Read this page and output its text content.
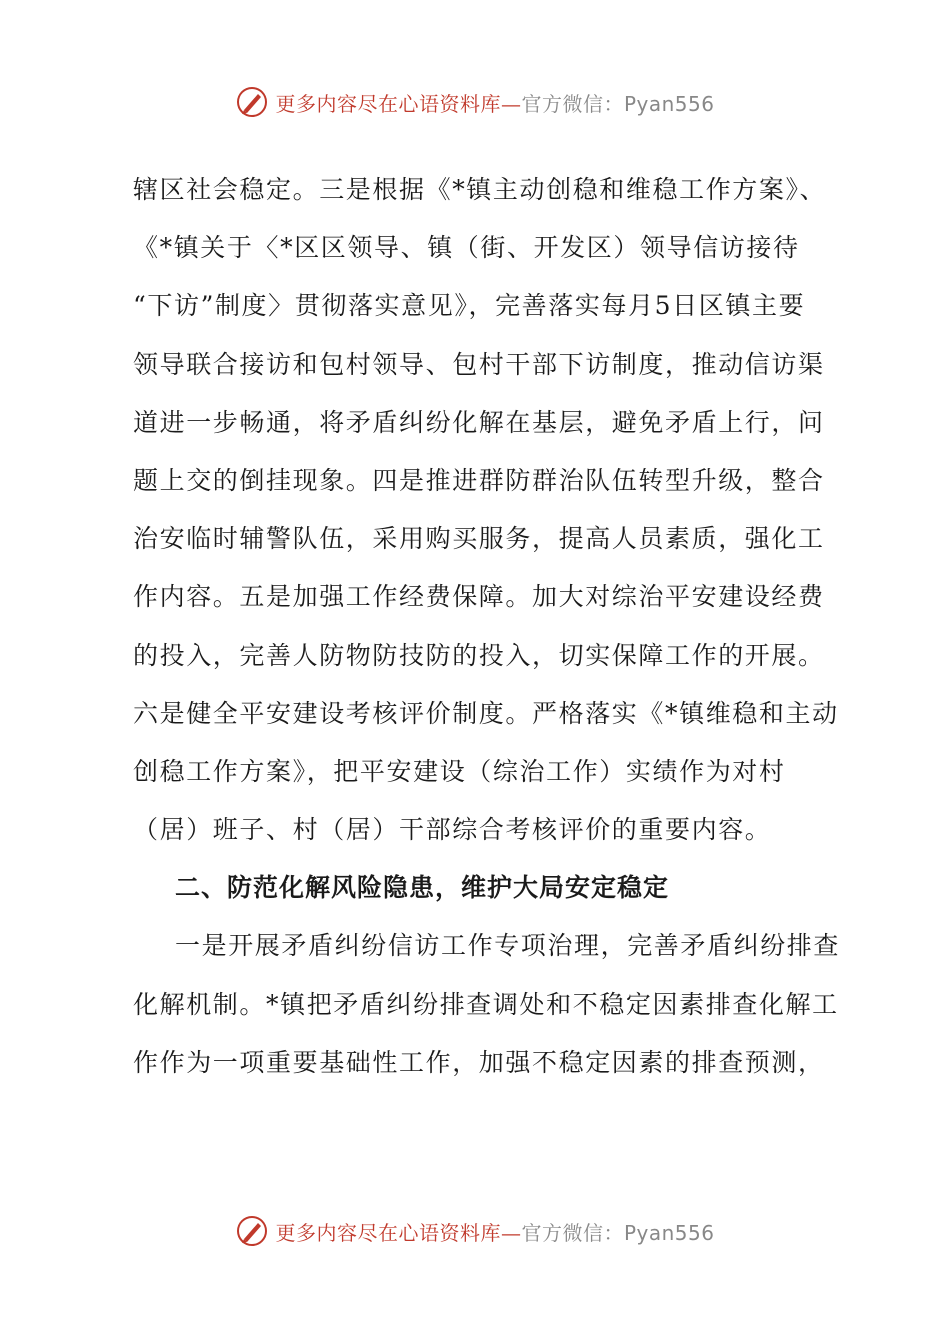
更多内容尽在心语资料库—官方微信：Pyan556
辖区社会稳定。三是根据《*镇主动创稳和维稳工作方案》、
《*镇关于〈*区区领导、镇（街、开发区）领导信访接待
“下访”制度〉贯彻落实意见》，完善落实每月5日区镇主要
领导联合接访和包村领导、包村干部下访制度，推动信访渠
道进一步畅通，将矛盾纠纷化解在基层，避免矛盾上行，问
题上交的倒挂现象。四是推进群防群治队伍转型升级，整合
治安临时辅警队伍，采用购买服务，提高人员素质，强化工
作内容。五是加强工作经费保障。加大对综治平安建设经费
的投入，完善人防物防技防的投入，切实保障工作的开展。
六是健全平安建设考核评价制度。严格落实《*镇维稳和主动
创稳工作方案》，把平安建设（综治工作）实绩作为对村
（居）班子、村（居）干部综合考核评价的重要内容。
二、防范化解风险隐患，维护大局安定稳定
一是开展矛盾纠纷信访工作专项治理，完善矛盾纠纷排查
化解机制。*镇把矛盾纠纷排查调处和不稳定因素排查化解工
作作为一项重要基础性工作，加强不稳定因素的排查预测，
更多内容尽在心语资料库—官方微信：Pyan556
